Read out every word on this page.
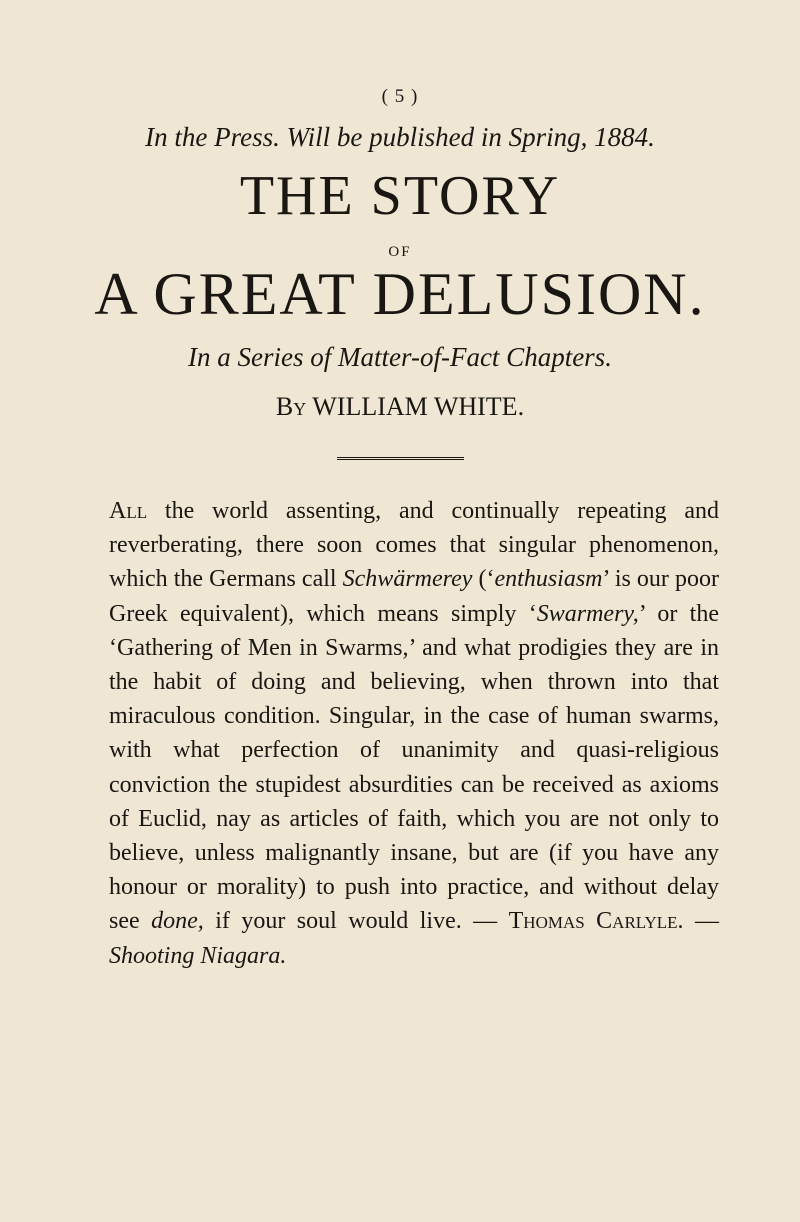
( 5 )
In the Press. Will be published in Spring, 1884.
THE STORY
OF
A GREAT DELUSION.
In a Series of Matter-of-Fact Chapters.
By WILLIAM WHITE.

All the world assenting, and continually repeating and reverberating, there soon comes that singular phenomenon, which the Germans call Schwärmerey (‘enthusiasm’ is our poor Greek equivalent), which means simply ‘Swarmery,’ or the ‘Gathering of Men in Swarms,’ and what prodigies they are in the habit of doing and believing, when thrown into that miraculous condition. Singular, in the case of human swarms, with what perfection of unanimity and quasi-religious conviction the stupidest absurdities can be received as axioms of Euclid, nay as articles of faith, which you are not only to believe, unless malignantly insane, but are (if you have any honour or morality) to push into practice, and without delay see done, if your soul would live. — Thomas Carlyle. — Shooting Niagara.
